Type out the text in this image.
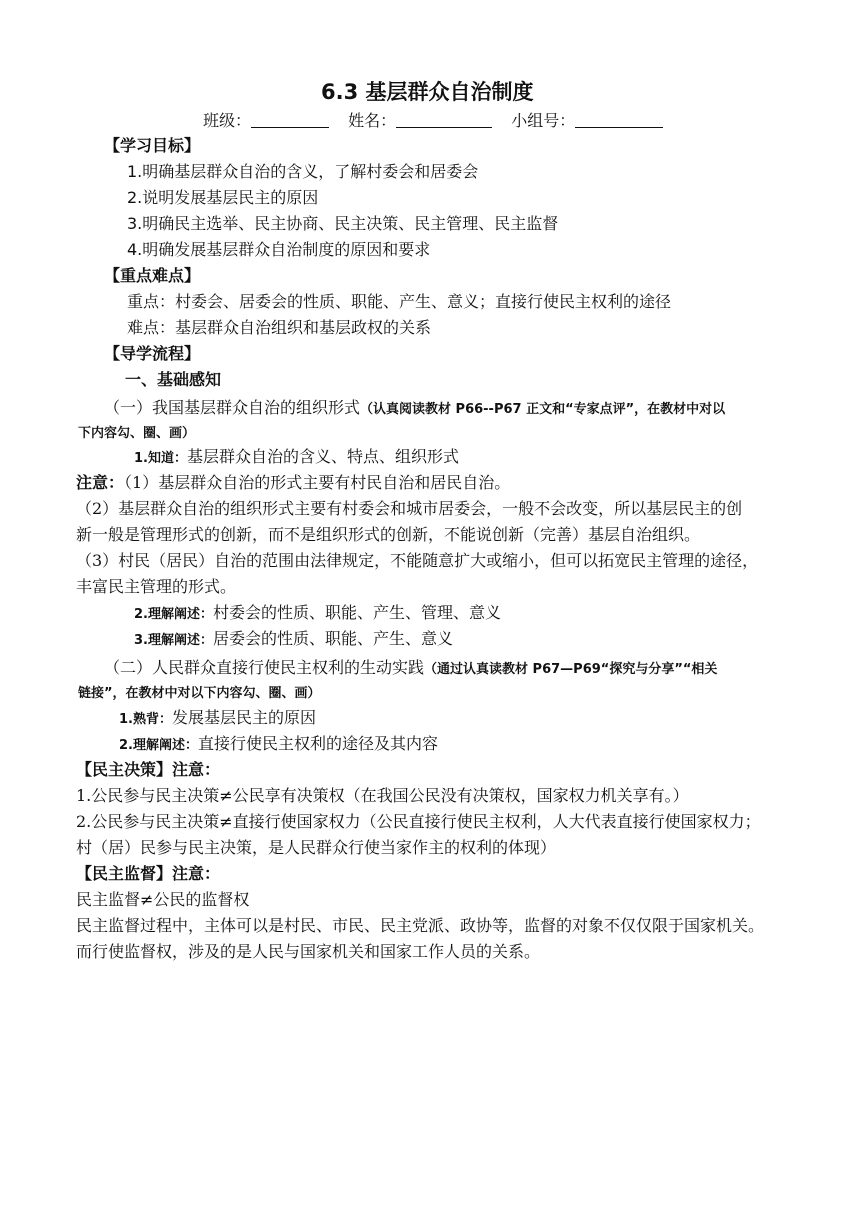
6.3 基层群众自治制度
班级：	姓名：	小组号：
【学习目标】
1.明确基层群众自治的含义，了解村委会和居委会
2.说明发展基层民主的原因
3.明确民主选举、民主协商、民主决策、民主管理、民主监督
4.明确发展基层群众自治制度的原因和要求
【重点难点】
重点：村委会、居委会的性质、职能、产生、意义；直接行使民主权利的途径
难点：基层群众自治组织和基层政权的关系
【导学流程】
一、基础感知
（一）我国基层群众自治的组织形式（认真阅读教材 P66--P67 正文和“专家点评”，在教材中对以
下内容勾、圈、画）
1.知道：基层群众自治的含义、特点、组织形式
注意：（1）基层群众自治的形式主要有村民自治和居民自治。
（2）基层群众自治的组织形式主要有村委会和城市居委会，一般不会改变，所以基层民主的创
新一般是管理形式的创新，而不是组织形式的创新，不能说创新（完善）基层自治组织。
（3）村民（居民）自治的范围由法律规定，不能随意扩大或缩小，但可以拓宽民主管理的途径，
丰富民主管理的形式。
2.理解阐述：村委会的性质、职能、产生、管理、意义
3.理解阐述：居委会的性质、职能、产生、意义
（二）人民群众直接行使民主权利的生动实践（通过认真读教材 P67—P69“探究与分享”“相关
链接”，在教材中对以下内容勾、圈、画）
1.熟背：发展基层民主的原因
2.理解阐述：直接行使民主权利的途径及其内容
【民主决策】注意：
1.公民参与民主决策≠公民享有决策权（在我国公民没有决策权，国家权力机关享有。）
2.公民参与民主决策≠直接行使国家权力（公民直接行使民主权利，人大代表直接行使国家权力；
村（居）民参与民主决策，是人民群众行使当家作主的权利的体现）
【民主监督】注意：
民主监督≠公民的监督权
民主监督过程中，主体可以是村民、市民、民主党派、政协等，监督的对象不仅仅限于国家机关。
而行使监督权，涉及的是人民与国家机关和国家工作人员的关系。
